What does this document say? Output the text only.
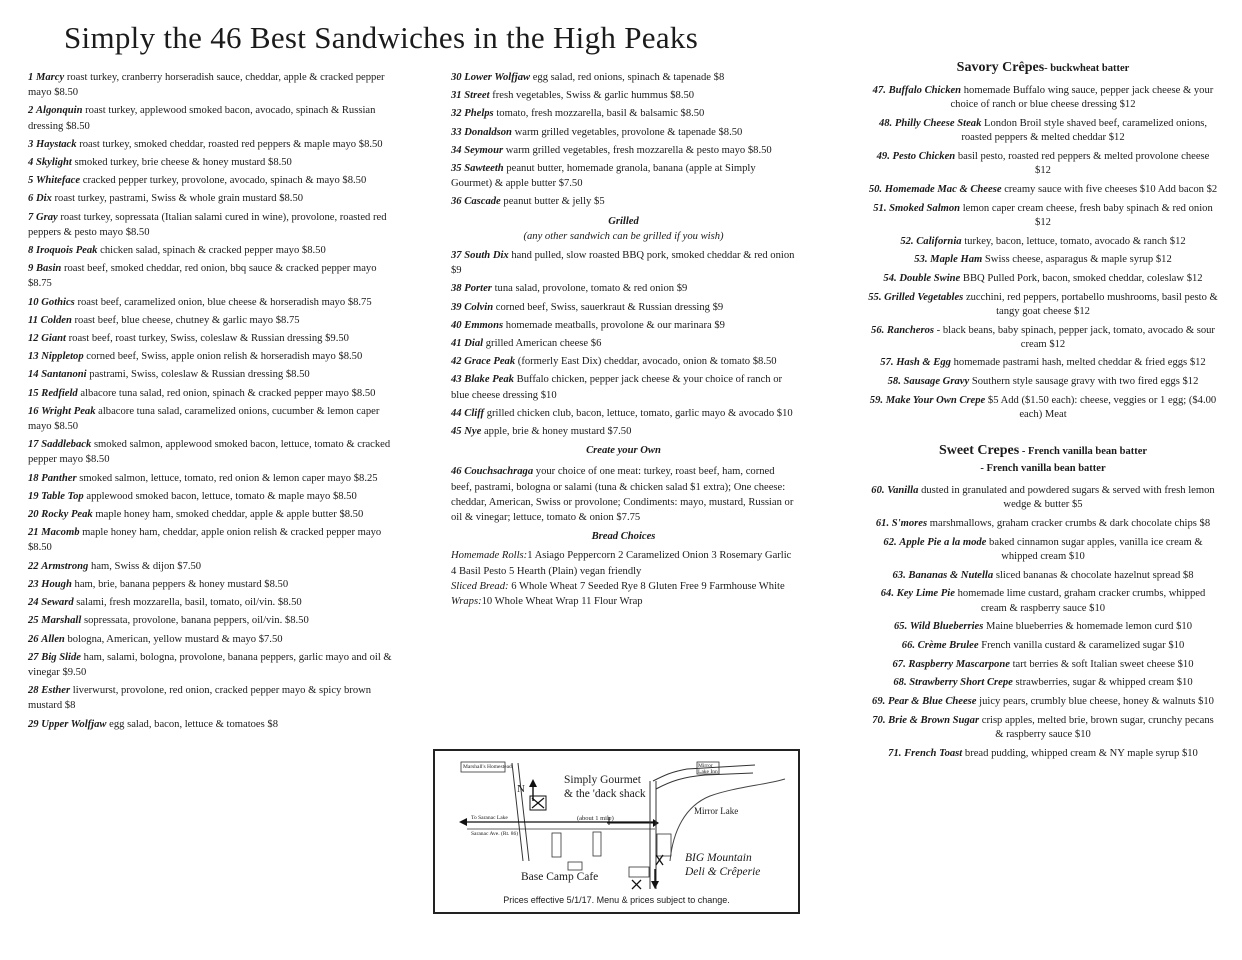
Simply the 46 Best Sandwiches in the High Peaks
1 Marcy roast turkey, cranberry horseradish sauce, cheddar, apple & cracked pepper mayo $8.50
2 Algonquin roast turkey, applewood smoked bacon, avocado, spinach & Russian dressing $8.50
3 Haystack roast turkey, smoked cheddar, roasted red peppers & maple mayo $8.50
4 Skylight smoked turkey, brie cheese & honey mustard $8.50
5 Whiteface cracked pepper turkey, provolone, avocado, spinach & mayo $8.50
6 Dix roast turkey, pastrami, Swiss & whole grain mustard $8.50
7 Gray roast turkey, sopressata (Italian salami cured in wine), provolone, roasted red peppers & pesto mayo $8.50
8 Iroquois Peak chicken salad, spinach & cracked pepper mayo $8.50
9 Basin roast beef, smoked cheddar, red onion, bbq sauce & cracked pepper mayo $8.75
10 Gothics roast beef, caramelized onion, blue cheese & horseradish mayo $8.75
11 Colden roast beef, blue cheese, chutney & garlic mayo $8.75
12 Giant roast beef, roast turkey, Swiss, coleslaw & Russian dressing $9.50
13 Nippletop corned beef, Swiss, apple onion relish & horseradish mayo $8.50
14 Santanoni pastrami, Swiss, coleslaw & Russian dressing $8.50
15 Redfield albacore tuna salad, red onion, spinach & cracked pepper mayo $8.50
16 Wright Peak albacore tuna salad, caramelized onions, cucumber & lemon caper mayo $8.50
17 Saddleback smoked salmon, applewood smoked bacon, lettuce, tomato & cracked pepper mayo $8.50
18 Panther smoked salmon, lettuce, tomato, red onion & lemon caper mayo $8.25
19 Table Top applewood smoked bacon, lettuce, tomato & maple mayo $8.50
20 Rocky Peak maple honey ham, smoked cheddar, apple & apple butter $8.50
21 Macomb maple honey ham, cheddar, apple onion relish & cracked pepper mayo $8.50
22 Armstrong ham, Swiss & dijon $7.50
23 Hough ham, brie, banana peppers & honey mustard $8.50
24 Seward salami, fresh mozzarella, basil, tomato, oil/vin. $8.50
25 Marshall sopressata, provolone, banana peppers, oil/vin. $8.50
26 Allen bologna, American, yellow mustard & mayo $7.50
27 Big Slide ham, salami, bologna, provolone, banana peppers, garlic mayo and oil & vinegar $9.50
28 Esther liverwurst, provolone, red onion, cracked pepper mayo & spicy brown mustard $8
29 Upper Wolfjaw egg salad, bacon, lettuce & tomatoes $8
30 Lower Wolfjaw egg salad, red onions, spinach & tapenade $8
31 Street fresh vegetables, Swiss & garlic hummus $8.50
32 Phelps tomato, fresh mozzarella, basil & balsamic $8.50
33 Donaldson warm grilled vegetables, provolone & tapenade $8.50
34 Seymour warm grilled vegetables, fresh mozzarella & pesto mayo $8.50
35 Sawteeth peanut butter, homemade granola, banana (apple at Simply Gourmet) & apple butter $7.50
36 Cascade peanut butter & jelly $5
Grilled
(any other sandwich can be grilled if you wish)
37 South Dix hand pulled, slow roasted BBQ pork, smoked cheddar & red onion $9
38 Porter tuna salad, provolone, tomato & red onion $9
39 Colvin corned beef, Swiss, sauerkraut & Russian dressing $9
40 Emmons homemade meatballs, provolone & our marinara $9
41 Dial grilled American cheese $6
42 Grace Peak (formerly East Dix) cheddar, avocado, onion & tomato $8.50
43 Blake Peak Buffalo chicken, pepper jack cheese & your choice of ranch or blue cheese dressing $10
44 Cliff grilled chicken club, bacon, lettuce, tomato, garlic mayo & avocado $10
45 Nye apple, brie & honey mustard $7.50
Create your Own
46 Couchsachraga your choice of one meat: turkey, roast beef, ham, corned beef, pastrami, bologna or salami (tuna & chicken salad $1 extra); One cheese: cheddar, American, Swiss or provolone; Condiments: mayo, mustard, Russian or oil & vinegar; lettuce, tomato & onion $7.75
Bread Choices

Homemade Rolls:1 Asiago Peppercorn 2 Caramelized Onion 3 Rosemary Garlic 4 Basil Pesto 5 Hearth (Plain) vegan friendly
Sliced Bread: 6 Whole Wheat 7 Seeded Rye 8 Gluten Free 9 Farmhouse White Wraps:10 Whole Wheat Wrap 11 Flour Wrap

Savory Crêpes- buckwheat batter
47. Buffalo Chicken homemade Buffalo wing sauce, pepper jack cheese & your choice of ranch or blue cheese dressing $12
48. Philly Cheese Steak London Broil style shaved beef, caramelized onions, roasted peppers & melted cheddar $12
49. Pesto Chicken basil pesto, roasted red peppers & melted provolone cheese $12
50. Homemade Mac & Cheese creamy sauce with five cheeses $10 Add bacon $2
51. Smoked Salmon lemon caper cream cheese, fresh baby spinach & red onion $12
52. California turkey, bacon, lettuce, tomato, avocado & ranch $12
53. Maple Ham Swiss cheese, asparagus & maple syrup $12
54. Double Swine BBQ Pulled Pork, bacon, smoked cheddar, coleslaw $12
55. Grilled Vegetables zucchini, red peppers, portabello mushrooms, basil pesto & tangy goat cheese $12
56. Rancheros - black beans, baby spinach, pepper jack, tomato, avocado & sour cream $12
57. Hash & Egg homemade pastrami hash, melted cheddar & fried eggs $12
58. Sausage Gravy Southern style sausage gravy with two fired eggs $12
59. Make Your Own Crepe $5 Add ($1.50 each): cheese, veggies or 1 egg; ($4.00 each) Meat
Sweet Crepes - French vanilla bean batter
- French vanilla bean batter
60. Vanilla dusted in granulated and powdered sugars & served with fresh lemon wedge & butter $5
61. S'mores marshmallows, graham cracker crumbs & dark chocolate chips $8
62. Apple Pie a la mode baked cinnamon sugar apples, vanilla ice cream & whipped cream $10
63. Bananas & Nutella sliced bananas & chocolate hazelnut spread $8
64. Key Lime Pie homemade lime custard, graham cracker crumbs, whipped cream & raspberry sauce $10
65. Wild Blueberries Maine blueberries & homemade lemon curd $10
66. Crème Brulee French vanilla custard & caramelized sugar $10
67. Raspberry Mascarpone tart berries & soft Italian sweet cheese $10
68. Strawberry Short Crepe strawberries, sugar & whipped cream $10
69. Pear & Blue Cheese juicy pears, crumbly blue cheese, honey & walnuts $10
70. Brie & Brown Sugar crisp apples, melted brie, brown sugar, crunchy pecans & raspberry sauce $10
71. French Toast bread pudding, whipped cream & NY maple syrup $10
Marshall's Homestead	Mirror Lake Inn
To Saranac Lake
Saranac Ave. (Rt. 86)
N
Simply Gourmet
& the 'dack shack
(about 1 mile)
Mirror Lake
BIG Mountain
Deli & Crêperie
Base Camp Cafe
Prices effective 5/1/17. Menu & prices subject to change.
